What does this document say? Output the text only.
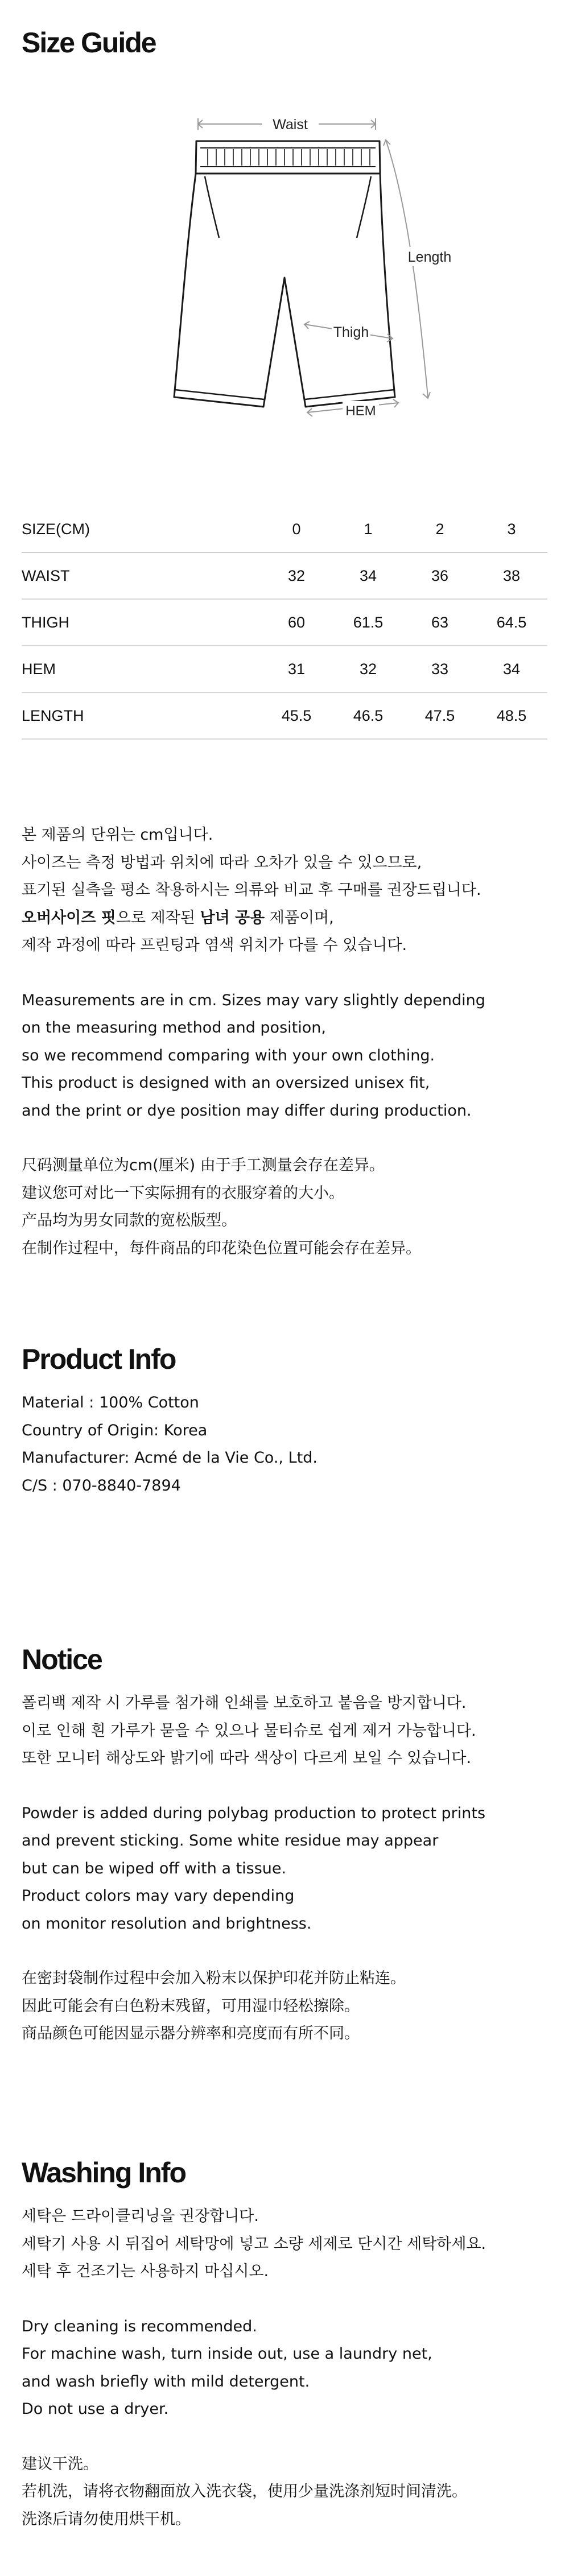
Size Guide
Waist
Length
Thigh
HEM
SIZE(CM)	0	1	2	3
WAIST	32	34	36	38
THIGH	60	61.5	63	64.5
HEM	31	32	33	34
LENGTH	45.5	46.5	47.5	48.5

본 제품의 단위는 cm입니다.

사이즈는 측정 방법과 위치에 따라 오차가 있을 수 있으므로,

표기된 실측을 평소 착용하시는 의류와 비교 후 구매를 권장드립니다.

오버사이즈 핏으로 제작된 남녀 공용 제품이며,

제작 과정에 따라 프린팅과 염색 위치가 다를 수 있습니다.

Measurements are in cm. Sizes may vary slightly depending

on the measuring method and position,

so we recommend comparing with your own clothing.

This product is designed with an oversized unisex fit,

and the print or dye position may differ during production.

尺码测量单位为cm(厘米) 由于手工测量会存在差异。

建议您可对比一下实际拥有的衣服穿着的大小。

产品均为男女同款的宽松版型。

在制作过程中，每件商品的印花染色位置可能会存在差异。

Product Info

Material : 100% Cotton

Country of Origin: Korea

Manufacturer: Acmé de la Vie Co., Ltd.

C/S : 070-8840-7894

Notice

폴리백 제작 시 가루를 첨가해 인쇄를 보호하고 붙음을 방지합니다.

이로 인해 흰 가루가 묻을 수 있으나 물티슈로 쉽게 제거 가능합니다.

또한 모니터 해상도와 밝기에 따라 색상이 다르게 보일 수 있습니다.

Powder is added during polybag production to protect prints

and prevent sticking. Some white residue may appear

but can be wiped off with a tissue.

Product colors may vary depending

on monitor resolution and brightness.

在密封袋制作过程中会加入粉末以保护印花并防止粘连。

因此可能会有白色粉末残留，可用湿巾轻松擦除。

商品颜色可能因显示器分辨率和亮度而有所不同。

Washing Info

세탁은 드라이클리닝을 권장합니다.

세탁기 사용 시 뒤집어 세탁망에 넣고 소량 세제로 단시간 세탁하세요.

세탁 후 건조기는 사용하지 마십시오.

Dry cleaning is recommended.

For machine wash, turn inside out, use a laundry net,

and wash briefly with mild detergent.

Do not use a dryer.

建议干洗。

若机洗，请将衣物翻面放入洗衣袋，使用少量洗涤剂短时间清洗。

洗涤后请勿使用烘干机。
